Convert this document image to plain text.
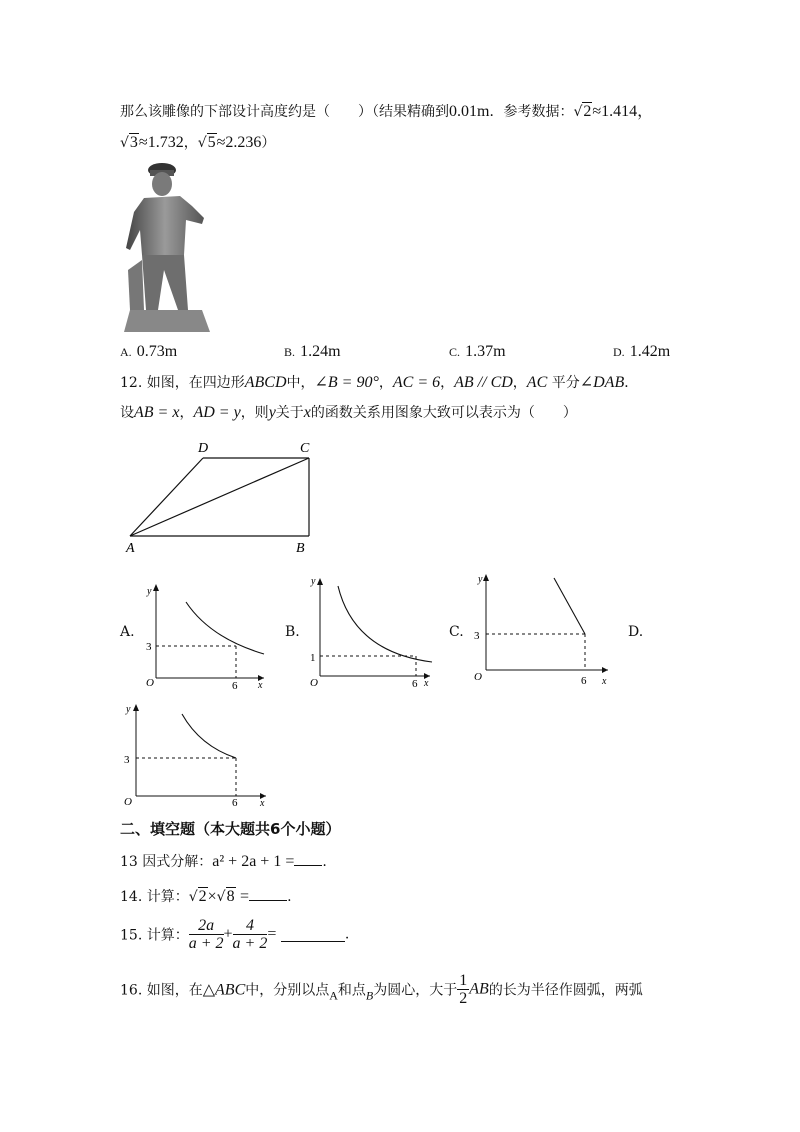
那么该雕像的下部设计高度约是（　　）（结果精确到0.01m．参考数据：√2≈1.414，
√3≈1.732，√5≈2.236）
A. 0.73m	B. 1.24m	C. 1.37m	D. 1.42m
12. 如图，在四边形ABCD中，∠B = 90°，AC = 6，AB // CD，AC 平分∠DAB．
设AB = x，AD = y，则y关于x的函数关系用图象大致可以表示为（　　）
D	C
A	B
A.	B.	C.	D.
y
x
O
3
6
y
x
O
1
6
y
x
O
3
6
y
x
O
3
6
二、填空题（本大题共6个小题）
13 因式分解：a² + 2a + 1 = .
14. 计算：√2×√8 =	.
15. 计算： $\frac{2a}{a + 2} + \frac{4}{a + 2}$ =	.
16. 如图，在△ABC中，分别以点A和点B为圆心，大于 $\frac{1}{2}$ AB的长为半径作圆弧，两弧
